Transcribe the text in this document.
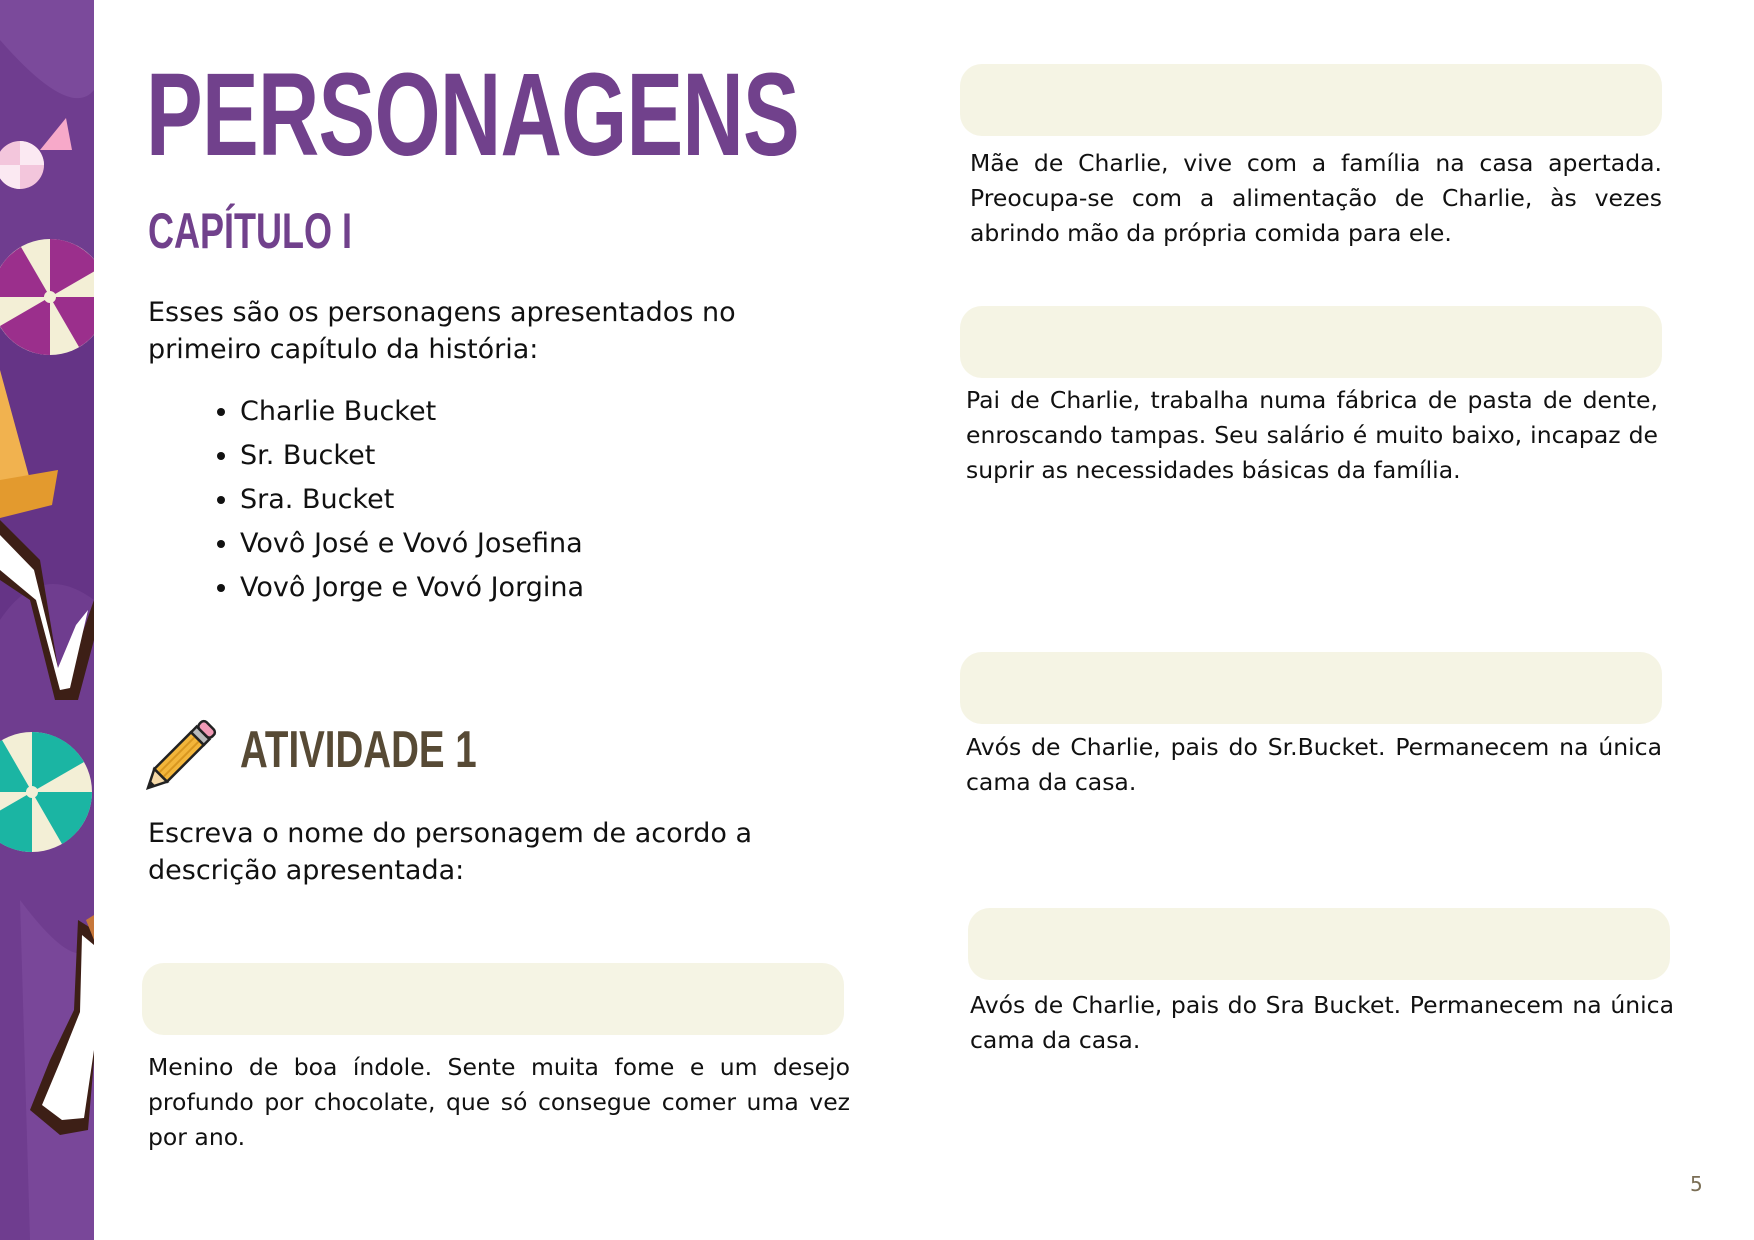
PERSONAGENS
CAPÍTULO I

Esses são os personagens apresentados no primeiro capítulo da história:

• Charlie Bucket
• Sr. Bucket
• Sra. Bucket
• Vovô José e Vovó Josefina
• Vovô Jorge e Vovó Jorgina
ATIVIDADE 1

Escreva o nome do personagem de acordo a descrição apresentada:

Menino de boa índole. Sente muita fome e um desejo profundo por chocolate, que só consegue comer uma vez por ano.

Mãe de Charlie, vive com a família na casa apertada. Preocupa-se com a alimentação de Charlie, às vezes abrindo mão da própria comida para ele.

Pai de Charlie, trabalha numa fábrica de pasta de dente, enroscando tampas. Seu salário é muito baixo, incapaz de suprir as necessidades básicas da família.

Avós de Charlie, pais do Sr.Bucket. Permanecem na única cama da casa.

Avós de Charlie, pais do Sra Bucket. Permanecem na única cama da casa.

5
